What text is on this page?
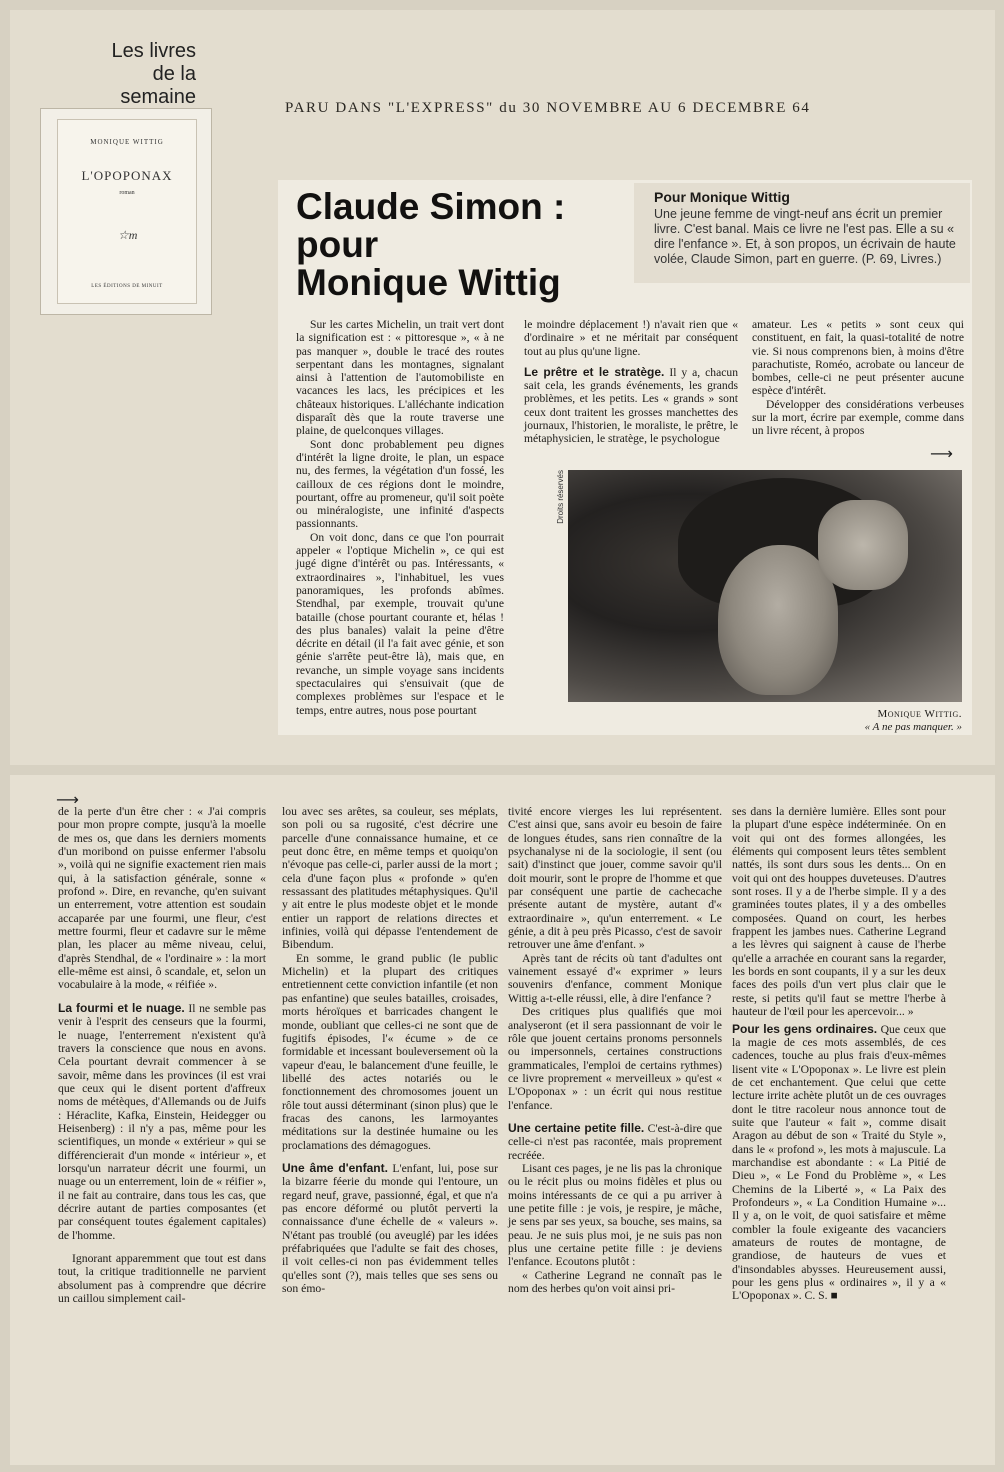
Les livres
de la
semaine
MONIQUE WITTIG
L'OPOPONAX
roman
☆m
LES ÉDITIONS DE MINUIT
PARU DANS "L'EXPRESS" du 30 NOVEMBRE AU 6 DECEMBRE 64
Claude Simon :
pour
Monique Wittig
Pour Monique Wittig

Une jeune femme de vingt-neuf ans écrit un premier livre. C'est banal. Mais ce livre ne l'est pas. Elle a su « dire l'enfance ». Et, à son propos, un écrivain de haute volée, Claude Simon, part en guerre. (P. 69, Livres.)

Sur les cartes Michelin, un trait vert dont la signification est : « pittoresque », « à ne pas manquer », double le tracé des routes serpentant dans les montagnes, signalant ainsi à l'attention de l'automobiliste en vacances les lacs, les précipices et les châteaux historiques. L'alléchante indication disparaît dès que la route traverse une plaine, de quelconques villages.

Sont donc probablement peu dignes d'intérêt la ligne droite, le plan, un espace nu, des fermes, la végétation d'un fossé, les cailloux de ces régions dont le moindre, pourtant, offre au promeneur, qu'il soit poète ou minéralogiste, une infinité d'aspects passionnants.

On voit donc, dans ce que l'on pourrait appeler « l'optique Michelin », ce qui est jugé digne d'intérêt ou pas. Intéressants, « extraordinaires », l'inhabituel, les vues panoramiques, les profonds abîmes. Stendhal, par exemple, trouvait qu'une bataille (chose pourtant courante et, hélas ! des plus banales) valait la peine d'être décrite en détail (il l'a fait avec génie, et son génie s'arrête peut-être là), mais que, en revanche, un simple voyage sans incidents spectaculaires qui s'ensuivait (que de complexes problèmes sur l'espace et le temps, entre autres, nous pose pourtant

le moindre déplacement !) n'avait rien que « d'ordinaire » et ne méritait par conséquent tout au plus qu'une ligne.

Le prêtre et le stratège. Il y a, chacun sait cela, les grands événements, les grands problèmes, et les petits. Les « grands » sont ceux dont traitent les grosses manchettes des journaux, l'historien, le moraliste, le prêtre, le métaphysicien, le stratège, le psychologue

amateur. Les « petits » sont ceux qui constituent, en fait, la quasi-totalité de notre vie. Si nous comprenons bien, à moins d'être parachutiste, Roméo, acrobate ou lanceur de bombes, celle-ci ne peut présenter aucune espèce d'intérêt.

Développer des considérations verbeuses sur la mort, écrire par exemple, comme dans un livre récent, à propos

⟶
Droits réservés
Monique Wittig.
« A ne pas manquer. »
⟶

de la perte d'un être cher : « J'ai compris pour mon propre compte, jusqu'à la moelle de mes os, que dans les derniers moments d'un moribond on puisse enfermer l'absolu », voilà qui ne signifie exactement rien mais qui, à la satisfaction générale, sonne « profond ». Dire, en revanche, qu'en suivant un enterrement, votre attention est soudain accaparée par une fourmi, une fleur, c'est mettre fourmi, fleur et cadavre sur le même plan, les placer au même niveau, celui, d'après Stendhal, de « l'ordinaire » : la mort elle-même est ainsi, ô scandale, et, selon un vocabulaire à la mode, « réifiée ».

La fourmi et le nuage. Il ne semble pas venir à l'esprit des censeurs que la fourmi, le nuage, l'enterrement n'existent qu'à travers la conscience que nous en avons. Cela pourtant devrait commencer à se savoir, même dans les provinces (il est vrai que ceux qui le disent portent d'affreux noms de métèques, d'Allemands ou de Juifs : Héraclite, Kafka, Einstein, Heidegger ou Heisenberg) : il n'y a pas, même pour les scientifiques, un monde « extérieur » qui se différencierait d'un monde « intérieur », et lorsqu'un narrateur décrit une fourmi, un nuage ou un enterrement, loin de « réifier », il ne fait au contraire, dans tous les cas, que décrire autant de parties composantes (et par conséquent toutes également capitales) de l'homme.

Ignorant apparemment que tout est dans tout, la critique traditionnelle ne parvient absolument pas à comprendre que décrire un caillou simplement cail-

lou avec ses arêtes, sa couleur, ses méplats, son poli ou sa rugosité, c'est décrire une parcelle d'une connaissance humaine, et ce peut donc être, en même temps et quoiqu'on n'évoque pas celle-ci, parler aussi de la mort ; cela d'une façon plus « profonde » qu'en ressassant des platitudes métaphysiques. Qu'il y ait entre le plus modeste objet et le monde entier un rapport de relations directes et infinies, voilà qui dépasse l'entendement de Bibendum.

En somme, le grand public (le public Michelin) et la plupart des critiques entretiennent cette conviction infantile (et non pas enfantine) que seules batailles, croisades, morts héroïques et barricades changent le monde, oubliant que celles-ci ne sont que de fugitifs épisodes, l'« écume » de ce formidable et incessant bouleversement où la vapeur d'eau, le balancement d'une feuille, le libellé des actes notariés ou le fonctionnement des chromosomes jouent un rôle tout aussi déterminant (sinon plus) que le fracas des canons, les larmoyantes méditations sur la destinée humaine ou les proclamations des démagogues.

Une âme d'enfant. L'enfant, lui, pose sur la bizarre féerie du monde qui l'entoure, un regard neuf, grave, passionné, égal, et que n'a pas encore déformé ou plutôt perverti la connaissance d'une échelle de « valeurs ». N'étant pas troublé (ou aveuglé) par les idées préfabriquées que l'adulte se fait des choses, il voit celles-ci non pas évidemment telles qu'elles sont (?), mais telles que ses sens ou son émo-

tivité encore vierges les lui représentent. C'est ainsi que, sans avoir eu besoin de faire de longues études, sans rien connaître de la psychanalyse ni de la sociologie, il sent (ou sait) d'instinct que jouer, comme savoir qu'il doit mourir, sont le propre de l'homme et que par conséquent une partie de cachecache présente autant de mystère, autant d'« extraordinaire », qu'un enterrement. « Le génie, a dit à peu près Picasso, c'est de savoir retrouver une âme d'enfant. »

Après tant de récits où tant d'adultes ont vainement essayé d'« exprimer » leurs souvenirs d'enfance, comment Monique Wittig a-t-elle réussi, elle, à dire l'enfance ?

Des critiques plus qualifiés que moi analyseront (et il sera passionnant de voir le rôle que jouent certains pronoms personnels ou impersonnels, certaines constructions grammaticales, l'emploi de certains rythmes) ce livre proprement « merveilleux » qu'est « L'Opoponax » : un écrit qui nous restitue l'enfance.

Une certaine petite fille. C'est-à-dire que celle-ci n'est pas racontée, mais proprement recréée.

Lisant ces pages, je ne lis pas la chronique ou le récit plus ou moins fidèles et plus ou moins intéressants de ce qui a pu arriver à une petite fille : je vois, je respire, je mâche, je sens par ses yeux, sa bouche, ses mains, sa peau. Je ne suis plus moi, je ne suis pas non plus une certaine petite fille : je deviens l'enfance. Ecoutons plutôt :

« Catherine Legrand ne connaît pas le nom des herbes qu'on voit ainsi pri-

ses dans la dernière lumière. Elles sont pour la plupart d'une espèce indéterminée. On en voit qui ont des formes allongées, les éléments qui composent leurs têtes semblent nattés, ils sont durs sous les dents... On en voit qui ont des houppes duveteuses. D'autres sont roses. Il y a de l'herbe simple. Il y a des graminées toutes plates, il y a des ombelles composées. Quand on court, les herbes frappent les jambes nues. Catherine Legrand a les lèvres qui saignent à cause de l'herbe qu'elle a arrachée en courant sans la regarder, les bords en sont coupants, il y a sur les deux faces des poils d'un vert plus clair que le reste, si petits qu'il faut se mettre l'herbe à hauteur de l'œil pour les apercevoir... »

Pour les gens ordinaires. Que ceux que la magie de ces mots assemblés, de ces cadences, touche au plus frais d'eux-mêmes lisent vite « L'Opoponax ». Le livre est plein de cet enchantement. Que celui que cette lecture irrite achète plutôt un de ces ouvrages dont le titre racoleur nous annonce tout de suite que l'auteur « fait », comme disait Aragon au début de son « Traité du Style », dans le « profond », les mots à majuscule. La marchandise est abondante : « La Pitié de Dieu », « Le Fond du Problème », « Les Chemins de la Liberté », « La Paix des Profondeurs », « La Condition Humaine »... Il y a, on le voit, de quoi satisfaire et même combler la foule exigeante des vacanciers amateurs de routes de montagne, de grandiose, de hauteurs de vues et d'insondables abysses. Heureusement aussi, pour les gens plus « ordinaires », il y a « L'Opoponax ». C. S. ■
